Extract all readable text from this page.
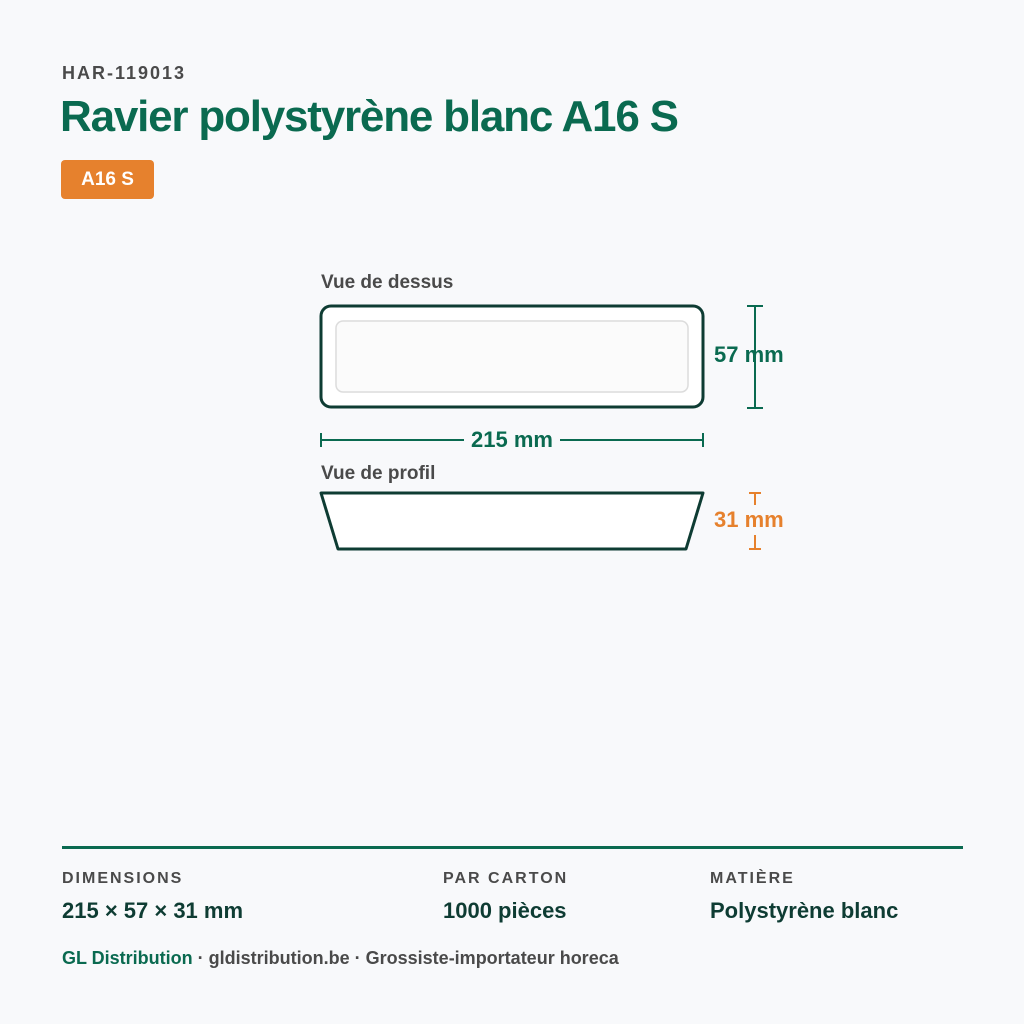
HAR-119013
Ravier polystyrène blanc A16 S
A16 S
Vue de dessus
57 mm
215 mm
Vue de profil
31 mm
DIMENSIONS
215 × 57 × 31 mm
PAR CARTON
1000 pièces
MATIÈRE
Polystyrène blanc
GL Distribution · gldistribution.be · Grossiste-importateur horeca
